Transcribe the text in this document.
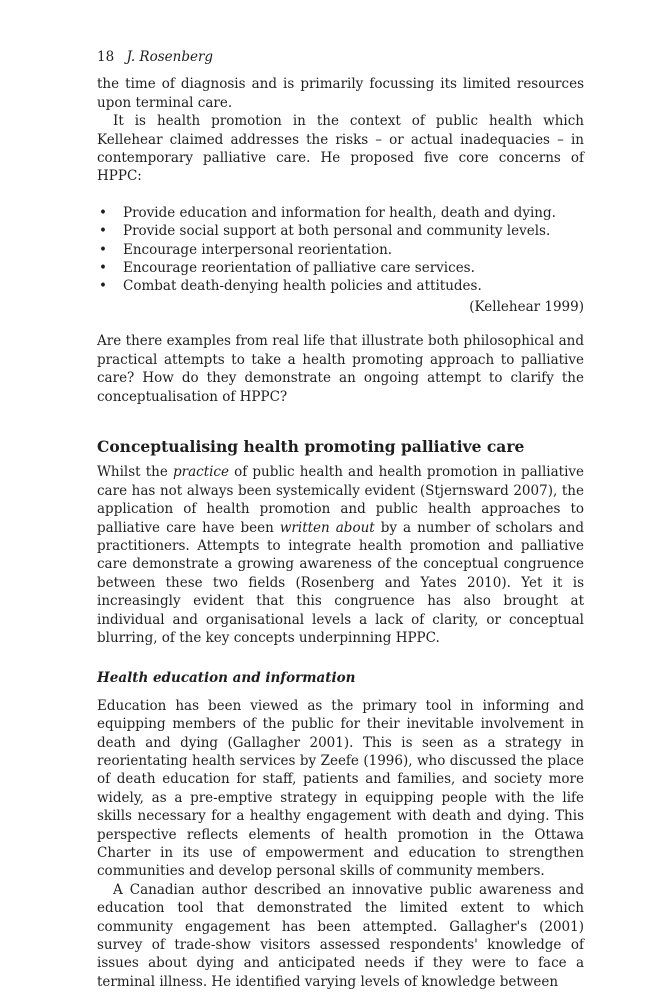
18 J. Rosenberg

the time of diagnosis and is primarily focussing its limited resources upon terminal care.

It is health promotion in the context of public health which Kellehear claimed addresses the risks – or actual inadequacies – in contemporary palliative care. He proposed five core concerns of HPPC:

• Provide education and information for health, death and dying.
• Provide social support at both personal and community levels.
• Encourage interpersonal reorientation.
• Encourage reorientation of palliative care services.
• Combat death-denying health policies and attitudes.
(Kellehear 1999)

Are there examples from real life that illustrate both philosophical and practical attempts to take a health promoting approach to palliative care? How do they demonstrate an ongoing attempt to clarify the conceptualisation of HPPC?

Conceptualising health promoting palliative care

Whilst the practice of public health and health promotion in palliative care has not always been systemically evident (Stjernsward 2007), the application of health promotion and public health approaches to palliative care have been written about by a number of scholars and practitioners. Attempts to integrate health promotion and palliative care demonstrate a growing awareness of the conceptual congruence between these two fields (Rosenberg and Yates 2010). Yet it is increasingly evident that this congruence has also brought at individual and organisational levels a lack of clarity, or conceptual blurring, of the key concepts underpinning HPPC.

Health education and information

Education has been viewed as the primary tool in informing and equipping members of the public for their inevitable involvement in death and dying (Gallagher 2001). This is seen as a strategy in reorientating health services by Zeefe (1996), who discussed the place of death education for staff, patients and families, and society more widely, as a pre-emptive strategy in equipping people with the life skills necessary for a healthy engagement with death and dying. This perspective reflects elements of health promotion in the Ottawa Charter in its use of empowerment and education to strengthen communities and develop personal skills of community members.

A Canadian author described an innovative public awareness and education tool that demonstrated the limited extent to which community engagement has been attempted. Gallagher's (2001) survey of trade-show visitors assessed respondents' knowledge of issues about dying and anticipated needs if they were to face a terminal illness. He identified varying levels of knowledge between
